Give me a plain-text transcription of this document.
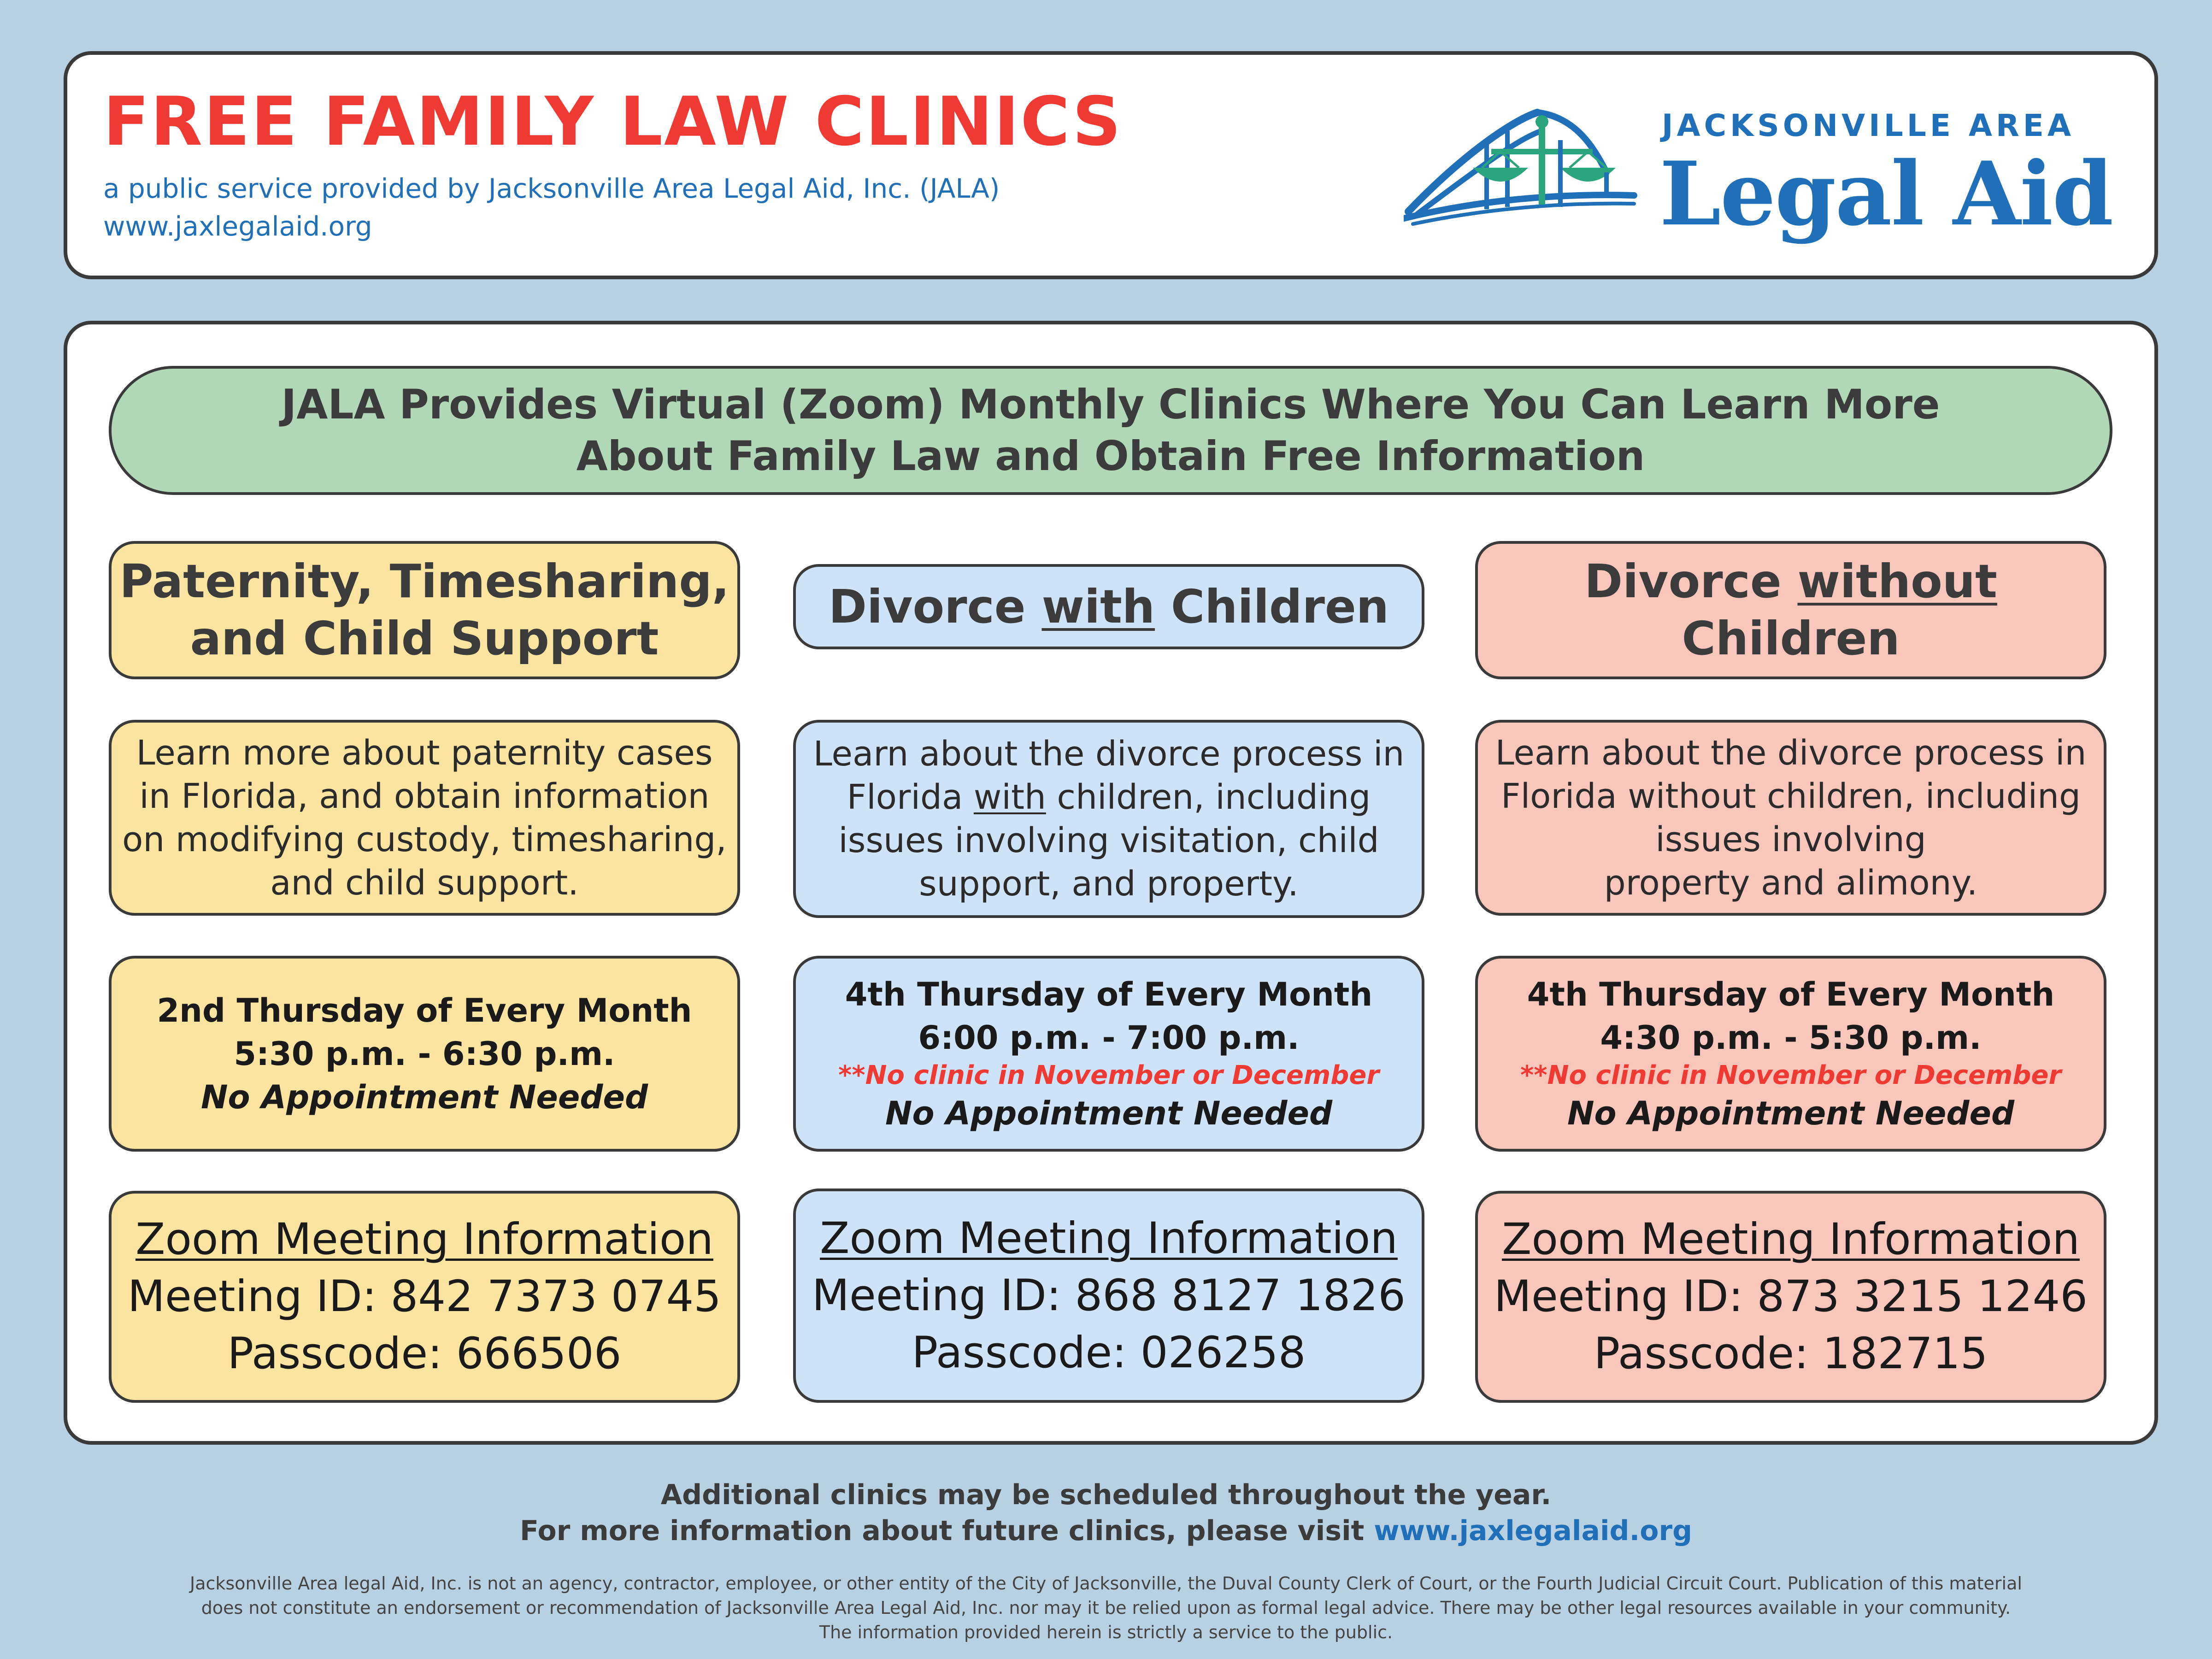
FREE FAMILY LAW CLINICS
a public service provided by Jacksonville Area Legal Aid, Inc. (JALA)
www.jaxlegalaid.org
JACKSONVILLE AREA
Legal Aid
JALA Provides Virtual (Zoom) Monthly Clinics Where You Can Learn More
About Family Law and Obtain Free Information
Paternity, Timesharing,
and Child Support
Learn more about paternity cases
in Florida, and obtain information
on modifying custody, timesharing,
and child support.
2nd Thursday of Every Month
5:30 p.m. - 6:30 p.m.
No Appointment Needed
Zoom Meeting Information
Meeting ID: 842 7373 0745
Passcode: 666506
Divorce with Children
Learn about the divorce process in
Florida with children, including
issues involving visitation, child
support, and property.
4th Thursday of Every Month
6:00 p.m. - 7:00 p.m.
**No clinic in November or December
No Appointment Needed
Zoom Meeting Information
Meeting ID: 868 8127 1826
Passcode: 026258
Divorce without
Children
Learn about the divorce process in
Florida without children, including
issues involving
property and alimony.
4th Thursday of Every Month
4:30 p.m. - 5:30 p.m.
**No clinic in November or December
No Appointment Needed
Zoom Meeting Information
Meeting ID: 873 3215 1246
Passcode: 182715
Additional clinics may be scheduled throughout the year.
For more information about future clinics, please visit www.jaxlegalaid.org
Jacksonville Area legal Aid, Inc. is not an agency, contractor, employee, or other entity of the City of Jacksonville, the Duval County Clerk of Court, or the Fourth Judicial Circuit Court. Publication of this material
does not constitute an endorsement or recommendation of Jacksonville Area Legal Aid, Inc. nor may it be relied upon as formal legal advice. There may be other legal resources available in your community.
The information provided herein is strictly a service to the public.
